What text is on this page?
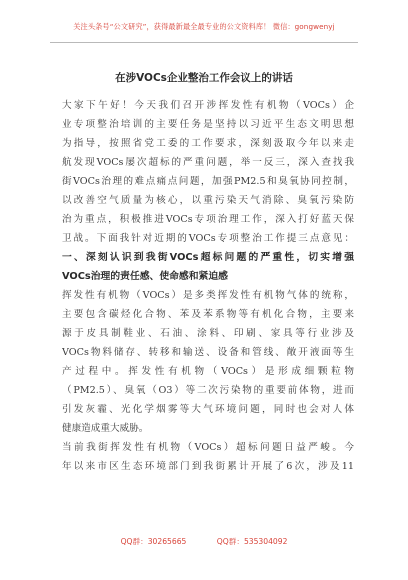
关注头条号“公文研究”，获得最新最全最专业的公文资料库！ 微信：gongwenyj
在涉VOCs企业整治工作会议上的讲话
大家下午好！今天我们召开涉挥发性有机物（VOCs）企
业专项整治培训的主要任务是坚持以习近平生态文明思想
为指导，按照省党工委的工作要求，深刻汲取今年以来走
航发现VOCs屡次超标的严重问题，举一反三，深入查找我
街VOCs治理的难点痛点问题，加强PM2.5和臭氧协同控制，
以改善空气质量为核心，以重污染天气消除、臭氧污染防
治为重点，积极推进VOCs专项治理工作，深入打好蓝天保
卫战。下面我针对近期的VOCs专项整治工作提三点意见：
一、深刻认识到我街VOCs超标问题的严重性，切实增强
VOCs治理的责任感、使命感和紧迫感
挥发性有机物（VOCs）是多类挥发性有机物气体的统称，
主要包含碳烃化合物、苯及苯系物等有机化合物，主要来
源于皮具制鞋业、石油、涂料、印刷、家具等行业涉及
VOCs物料储存、转移和输送、设备和管线、敞开液面等生
产过程中。挥发性有机物（VOCs）是形成细颗粒物
（PM2.5）、臭氧（O3）等二次污染物的重要前体物，进而
引发灰霾、光化学烟雾等大气环境问题，同时也会对人体
健康造成重大威胁。
当前我街挥发性有机物（VOCs）超标问题日益严峻。今
年以来市区生态环境部门到我街累计开展了6次，涉及11
QQ群：30265665	QQ群：535304092
